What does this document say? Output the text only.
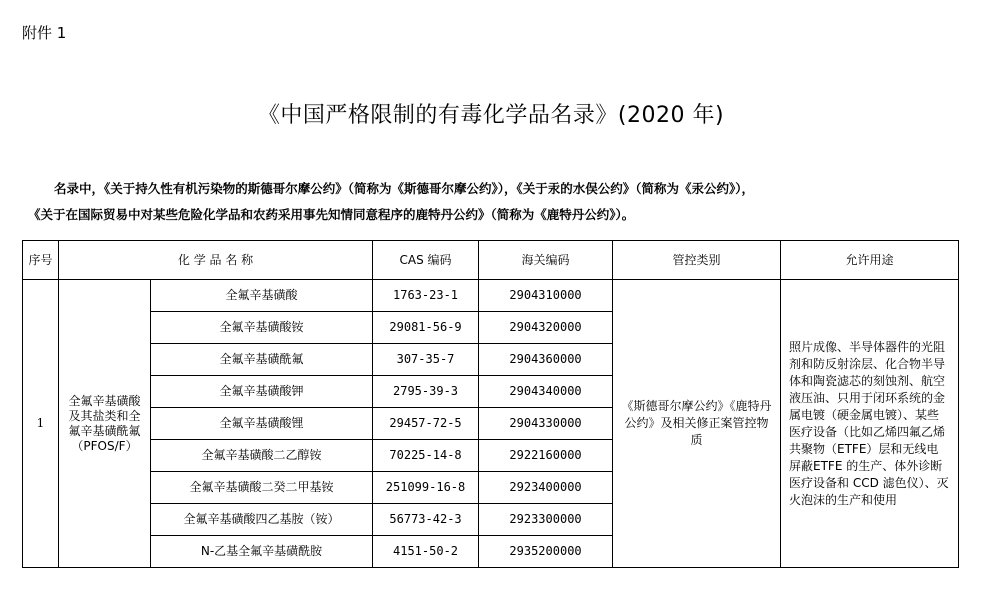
附件 1
《中国严格限制的有毒化学品名录》(2020 年)

名录中，《关于持久性有机污染物的斯德哥尔摩公约》（简称为《斯德哥尔摩公约》），《关于汞的水俣公约》（简称为《汞公约》），

《关于在国际贸易中对某些危险化学品和农药采用事先知情同意程序的鹿特丹公约》（简称为《鹿特丹公约》）。

序号	化 学 品 名 称		CAS 编码	海关编码	管控类别	允许用途
1	全氟辛基磺酸及其盐类和全氟辛基磺酰氟（PFOS/F）	全氟辛基磺酸	1763-23-1	2904310000	《斯德哥尔摩公约》《鹿特丹公约》及相关修正案管控物质	照片成像、半导体器件的光阻剂和防反射涂层、化合物半导体和陶瓷滤芯的刻蚀剂、航空液压油、只用于闭环系统的金属电镀（硬金属电镀）、某些医疗设备（比如乙烯四氟乙烯共聚物（ETFE）层和无线电屏蔽ETFE 的生产、体外诊断医疗设备和 CCD 滤色仪）、灭火泡沫的生产和使用
		全氟辛基磺酸铵	29081-56-9	2904320000		
		全氟辛基磺酰氟	307-35-7	2904360000		
		全氟辛基磺酸钾	2795-39-3	2904340000		
		全氟辛基磺酸锂	29457-72-5	2904330000		
		全氟辛基磺酸二乙醇铵	70225-14-8	2922160000		
		全氟辛基磺酸二癸二甲基铵	251099-16-8	2923400000		
		全氟辛基磺酸四乙基胺（铵）	56773-42-3	2923300000		
		N-乙基全氟辛基磺酰胺	4151-50-2	2935200000		
